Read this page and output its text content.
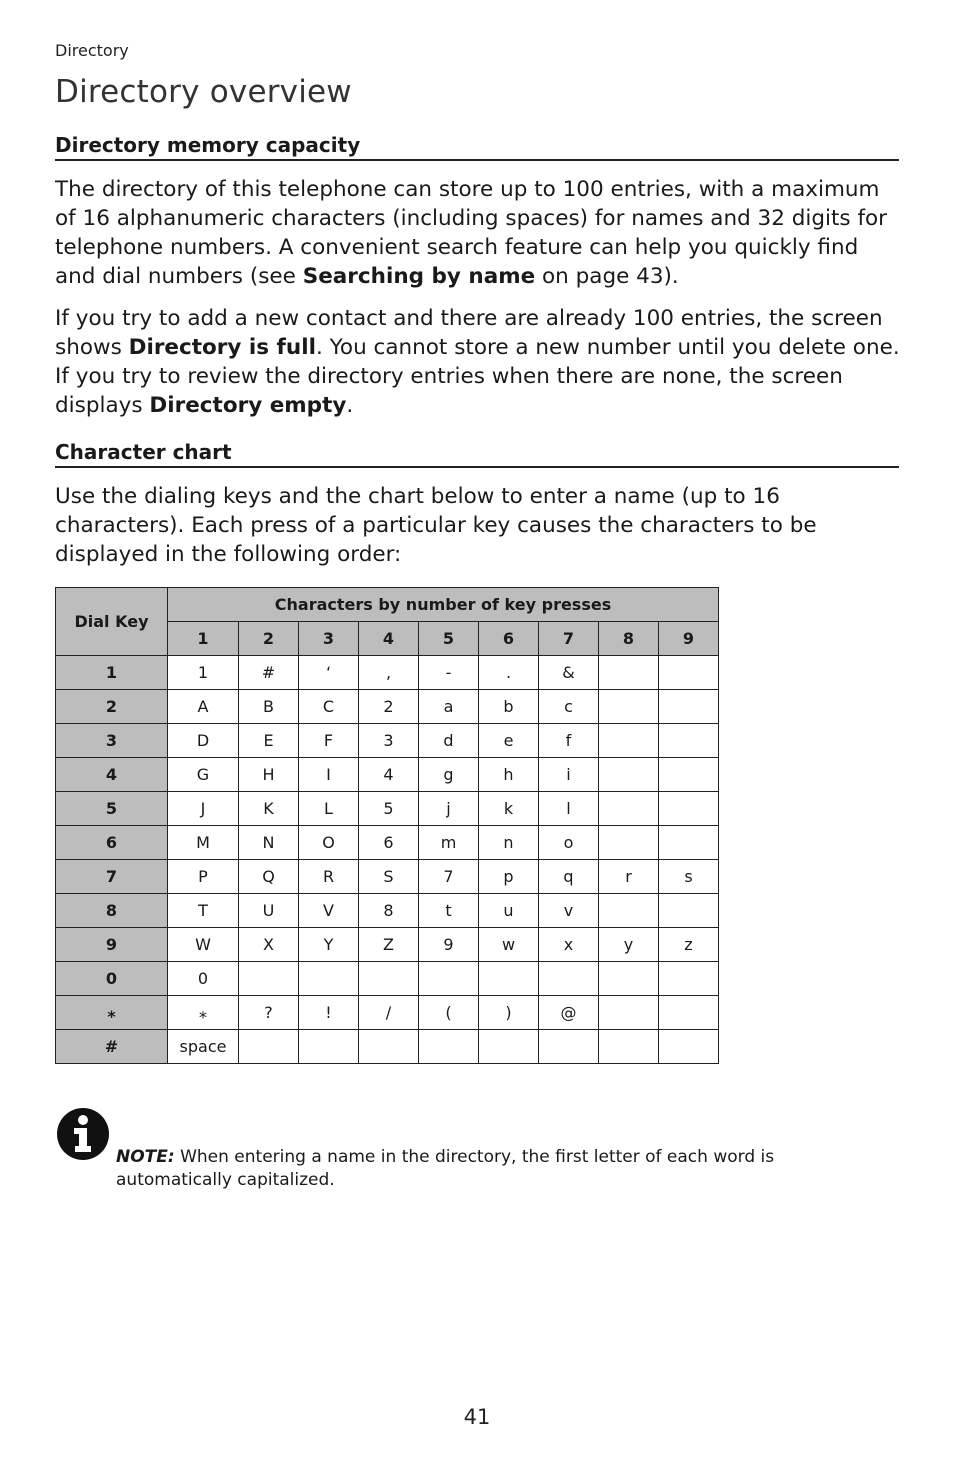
Directory
Directory overview
Directory memory capacity

The directory of this telephone can store up to 100 entries, with a maximum of 16 alphanumeric characters (including spaces) for names and 32 digits for telephone numbers. A convenient search feature can help you quickly find and dial numbers (see Searching by name on page 43).

If you try to add a new contact and there are already 100 entries, the screen shows Directory is full. You cannot store a new number until you delete one. If you try to review the directory entries when there are none, the screen displays Directory empty.

Character chart

Use the dialing keys and the chart below to enter a name (up to 16 characters). Each press of a particular key causes the characters to be displayed in the following order:

Dial Key	Characters by number of key presses								
	1	2	3	4	5	6	7	8	9
1	1	#	‘	,	-	.	&		
2	A	B	C	2	a	b	c		
3	D	E	F	3	d	e	f		
4	G	H	I	4	g	h	i		
5	J	K	L	5	j	k	l		
6	M	N	O	6	m	n	o		
7	P	Q	R	S	7	p	q	r	s
8	T	U	V	8	t	u	v		
9	W	X	Y	Z	9	w	x	y	z
0	0								
⁎	⁎	?	!	/	(	)	@		
#	space								
NOTE: When entering a name in the directory, the first letter of each word is automatically capitalized.
41
